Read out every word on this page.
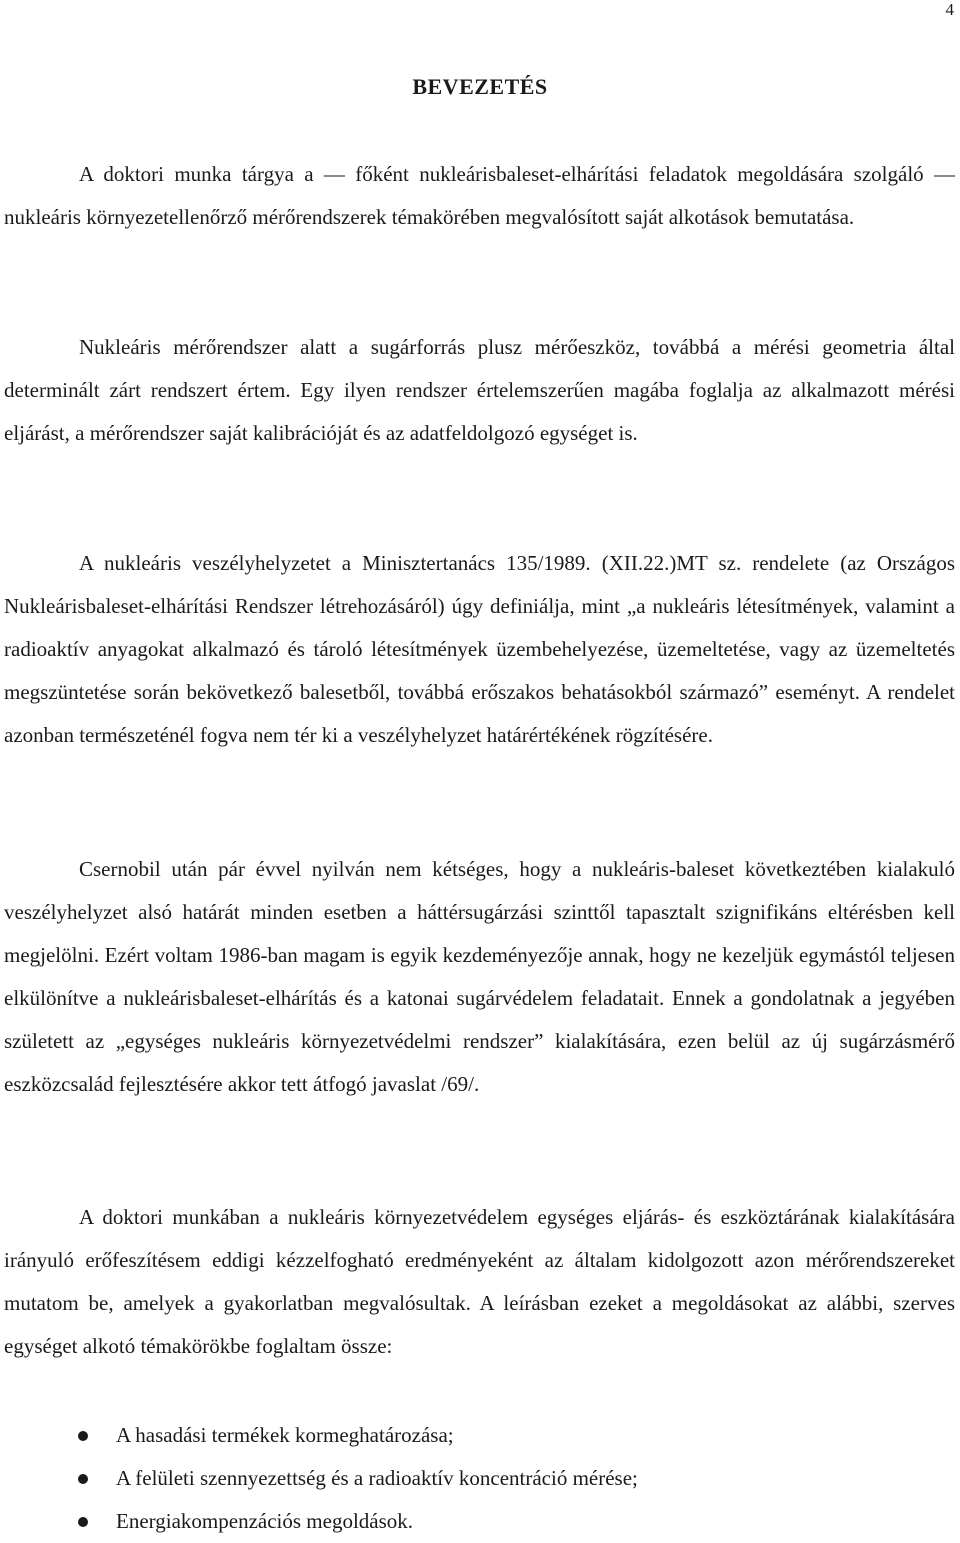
4
BEVEZETÉS

A doktori munka tárgya a — főként nukleárisbaleset-elhárítási feladatok megoldására szolgáló — nukleáris környezetellenőrző mérőrendszerek témakörében megvalósított saját alkotások bemutatása.

Nukleáris mérőrendszer alatt a sugárforrás plusz mérőeszköz, továbbá a mérési geometria által determinált zárt rendszert értem. Egy ilyen rendszer értelemszerűen magába foglalja az alkalmazott mérési eljárást, a mérőrendszer saját kalibrációját és az adatfeldolgozó egységet is.

A nukleáris veszélyhelyzetet a Minisztertanács 135/1989. (XII.22.)MT sz. rendelete (az Országos Nukleárisbaleset-elhárítási Rendszer létrehozásáról) úgy definiálja, mint „a nukleáris létesítmények, valamint a radioaktív anyagokat alkalmazó és tároló létesítmények üzembehelyezése, üzemeltetése, vagy az üzemeltetés megszüntetése során bekövetkező balesetből, továbbá erőszakos behatásokból származó” eseményt. A rendelet azonban természeténél fogva nem tér ki a veszélyhelyzet határértékének rögzítésére.

Csernobil után pár évvel nyilván nem kétséges, hogy a nukleáris-baleset következtében kialakuló veszélyhelyzet alsó határát minden esetben a háttérsugárzási szinttől tapasztalt szignifikáns eltérésben kell megjelölni. Ezért voltam 1986-ban magam is egyik kezdeményezője annak, hogy ne kezeljük egymástól teljesen elkülönítve a nukleárisbaleset-elhárítás és a katonai sugárvédelem feladatait. Ennek a gondolatnak a jegyében született az „egységes nukleáris környezetvédelmi rendszer” kialakítására, ezen belül az új sugárzásmérő eszközcsalád fejlesztésére akkor tett átfogó javaslat /69/.

A doktori munkában a nukleáris környezetvédelem egységes eljárás- és eszköztárának kialakítására irányuló erőfeszítésem eddigi kézzelfogható eredményeként az általam kidolgozott azon mérőrendszereket mutatom be, amelyek a gyakorlatban megvalósultak. A leírásban ezeket a megoldásokat az alábbi, szerves egységet alkotó témakörökbe foglaltam össze:

A hasadási termékek kormeghatározása;
A felületi szennyezettség és a radioaktív koncentráció mérése;
Energiakompenzációs megoldások.
